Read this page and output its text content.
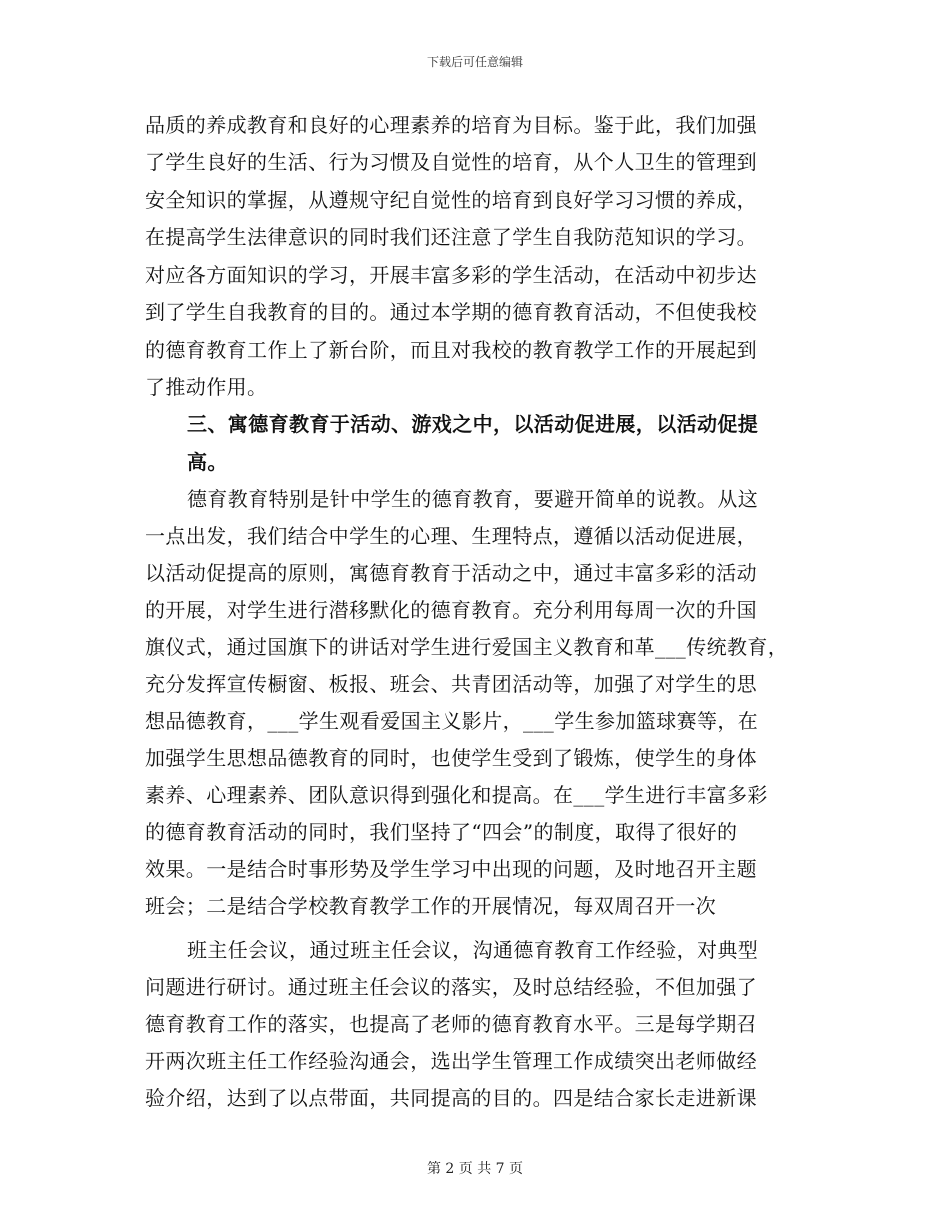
下载后可任意编辑
品质的养成教育和良好的心理素养的培育为目标。鉴于此，我们加强
了学生良好的生活、行为习惯及自觉性的培育，从个人卫生的管理到
安全知识的掌握，从遵规守纪自觉性的培育到良好学习习惯的养成，
在提高学生法律意识的同时我们还注意了学生自我防范知识的学习。
对应各方面知识的学习，开展丰富多彩的学生活动，在活动中初步达
到了学生自我教育的目的。通过本学期的德育教育活动，不但使我校
的德育教育工作上了新台阶，而且对我校的教育教学工作的开展起到
了推动作用。
三、寓德育教育于活动、游戏之中，以活动促进展，以活动促提
高。
德育教育特别是针中学生的德育教育，要避开简单的说教。从这
一点出发，我们结合中学生的心理、生理特点，遵循以活动促进展，
以活动促提高的原则，寓德育教育于活动之中，通过丰富多彩的活动
的开展，对学生进行潜移默化的德育教育。充分利用每周一次的升国
旗仪式，通过国旗下的讲话对学生进行爱国主义教育和革___传统教育，
充分发挥宣传橱窗、板报、班会、共青团活动等，加强了对学生的思
想品德教育，___学生观看爱国主义影片，___学生参加篮球赛等，在
加强学生思想品德教育的同时，也使学生受到了锻炼，使学生的身体
素养、心理素养、团队意识得到强化和提高。在___学生进行丰富多彩
的德育教育活动的同时，我们坚持了“四会”的制度，取得了很好的
效果。一是结合时事形势及学生学习中出现的问题，及时地召开主题
班会；二是结合学校教育教学工作的开展情况，每双周召开一次
班主任会议，通过班主任会议，沟通德育教育工作经验，对典型
问题进行研讨。通过班主任会议的落实，及时总结经验，不但加强了
德育教育工作的落实，也提高了老师的德育教育水平。三是每学期召
开两次班主任工作经验沟通会，选出学生管理工作成绩突出老师做经
验介绍，达到了以点带面，共同提高的目的。四是结合家长走进新课
第 2 页 共 7 页
